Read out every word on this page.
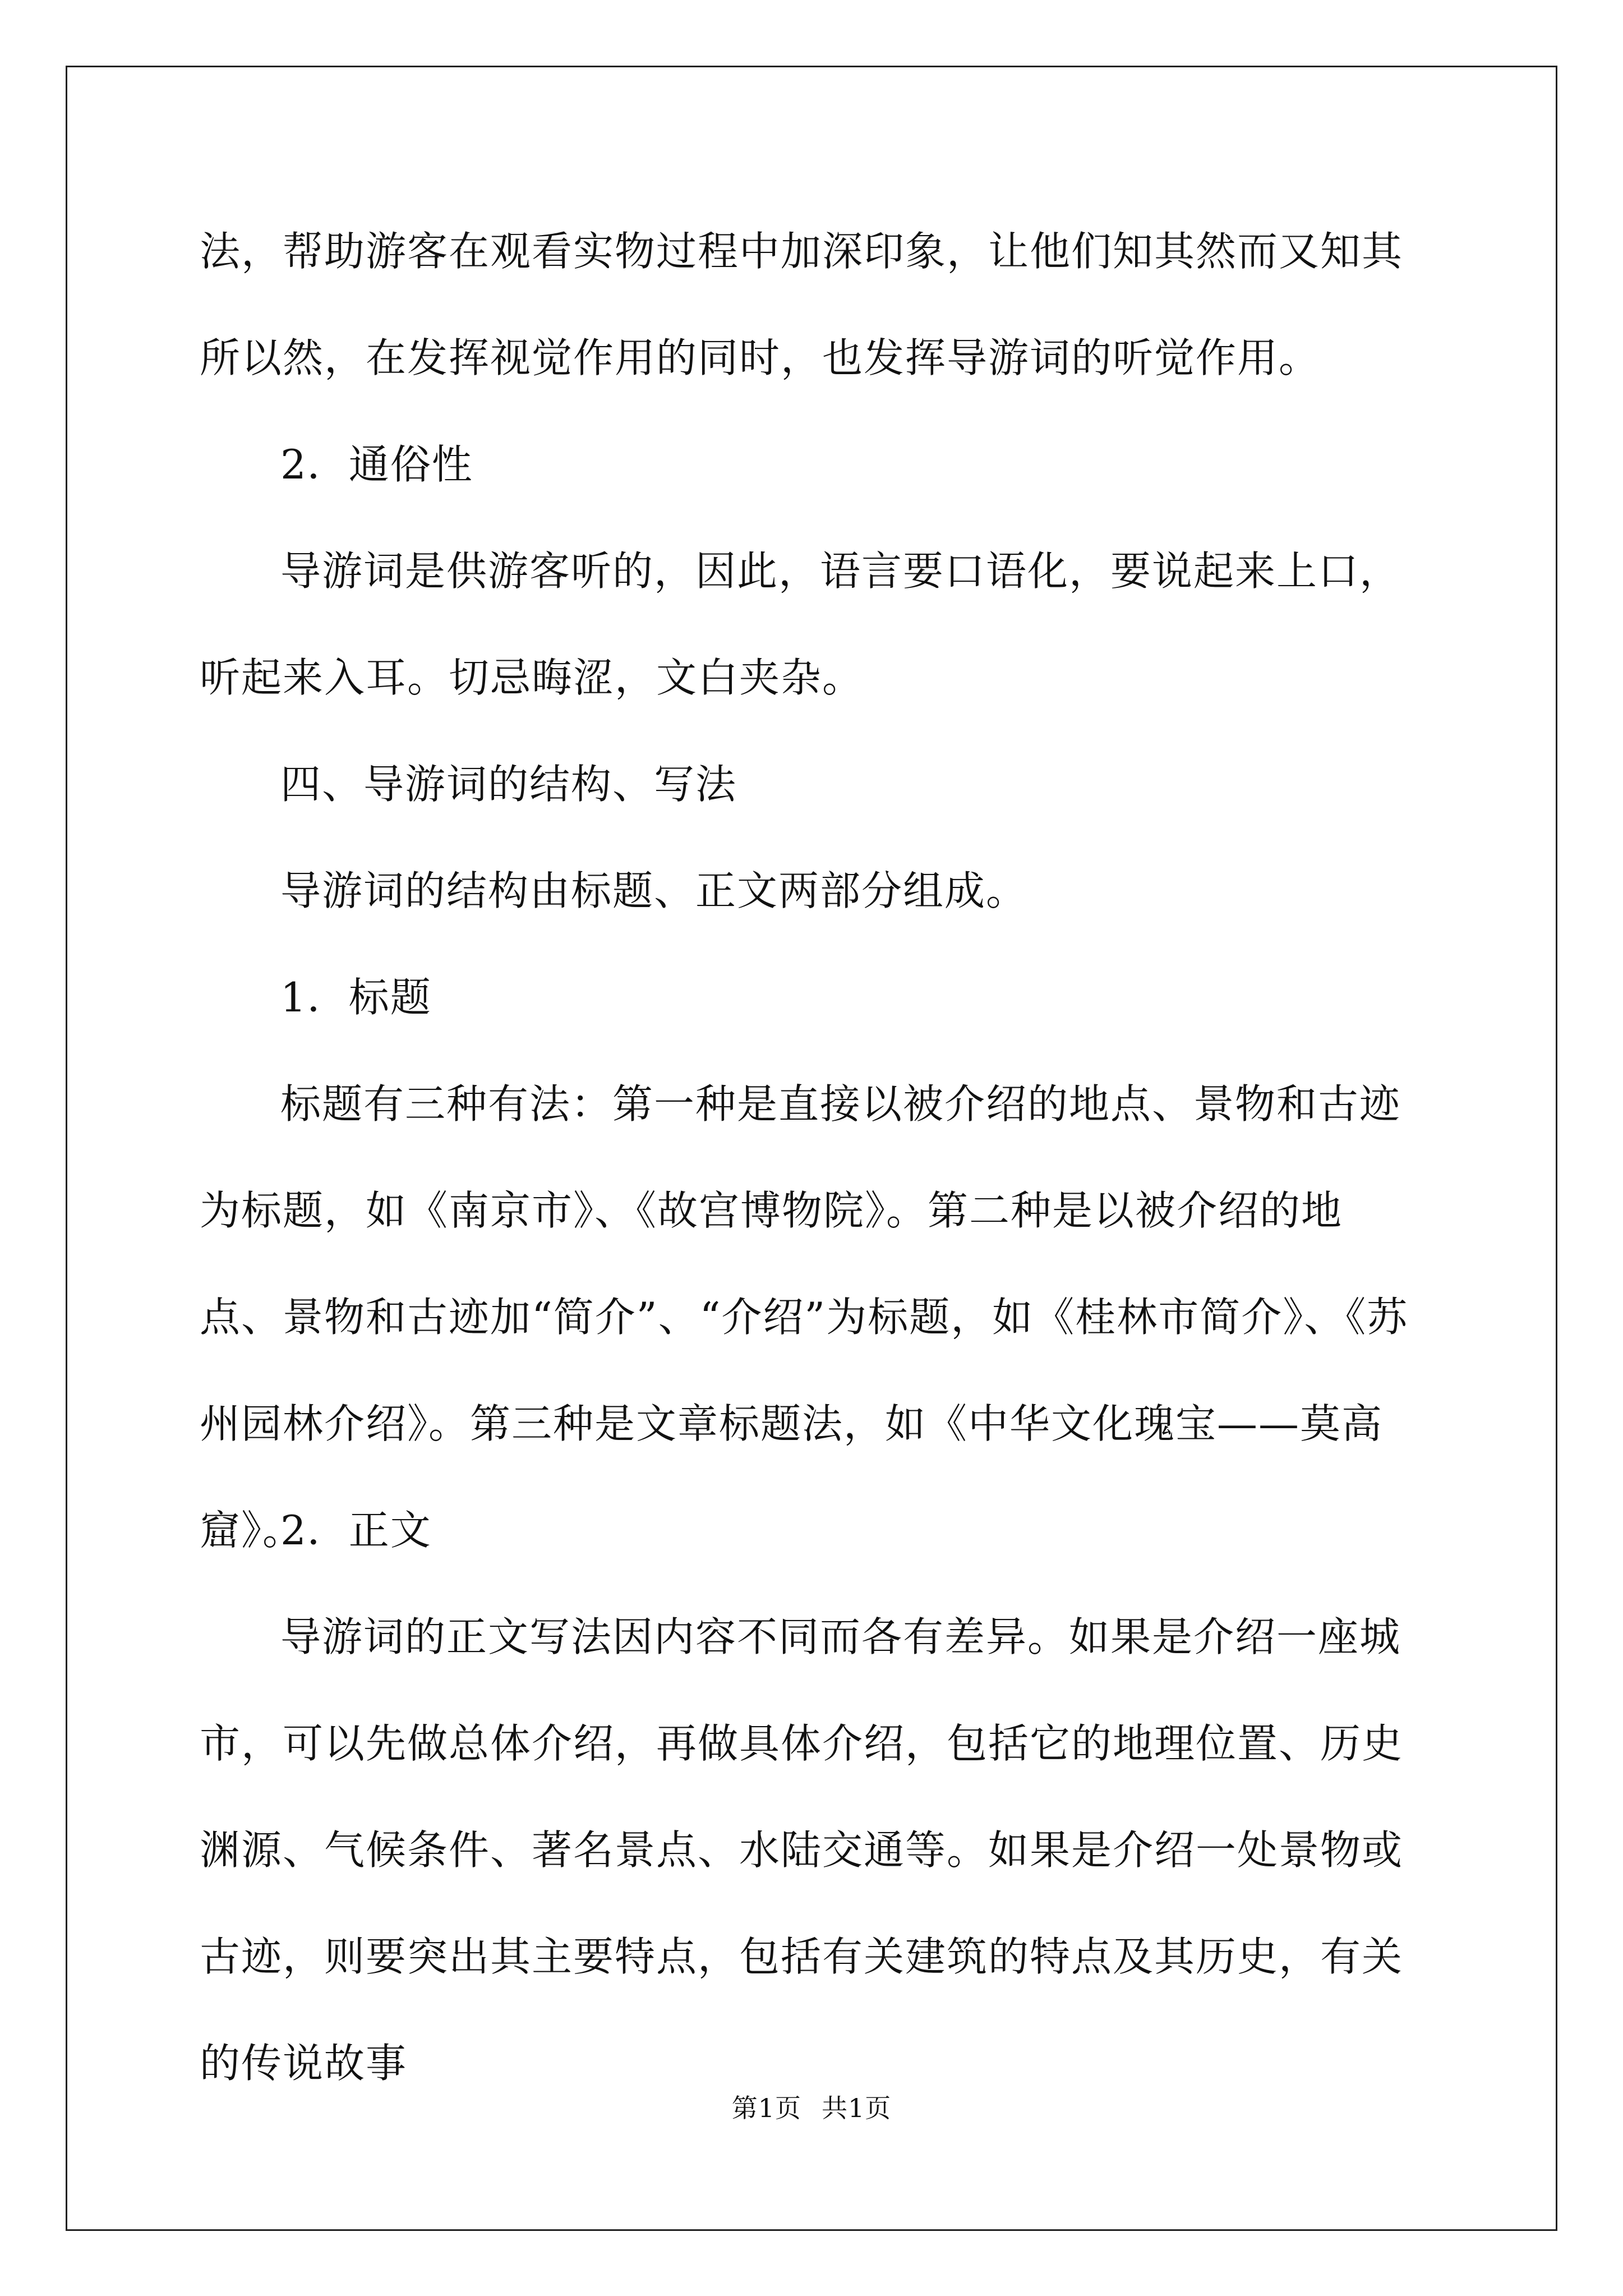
法，帮助游客在观看实物过程中加深印象，让他们知其然而又知其所以然，在发挥视觉作用的同时，也发挥导游词的听觉作用。

2．通俗性

导游词是供游客听的，因此，语言要口语化，要说起来上口，听起来入耳。切忌晦涩，文白夹杂。

四、导游词的结构、写法

导游词的结构由标题、正文两部分组成。

1．标题

标题有三种有法：第一种是直接以被介绍的地点、景物和古迹为标题，如《南京市》、《故宫博物院》。第二种是以被介绍的地点、景物和古迹加“简介”、“介绍”为标题，如《桂林市简介》、《苏州园林介绍》。第三种是文章标题法，如《中华文化瑰宝——莫高窟》。

2．正文

导游词的正文写法因内容不同而各有差异。如果是介绍一座城市，可以先做总体介绍，再做具体介绍，包括它的地理位置、历史渊源、气候条件、著名景点、水陆交通等。如果是介绍一处景物或古迹，则要突出其主要特点，包括有关建筑的特点及其历史，有关的传说故事

第1页 共1页
